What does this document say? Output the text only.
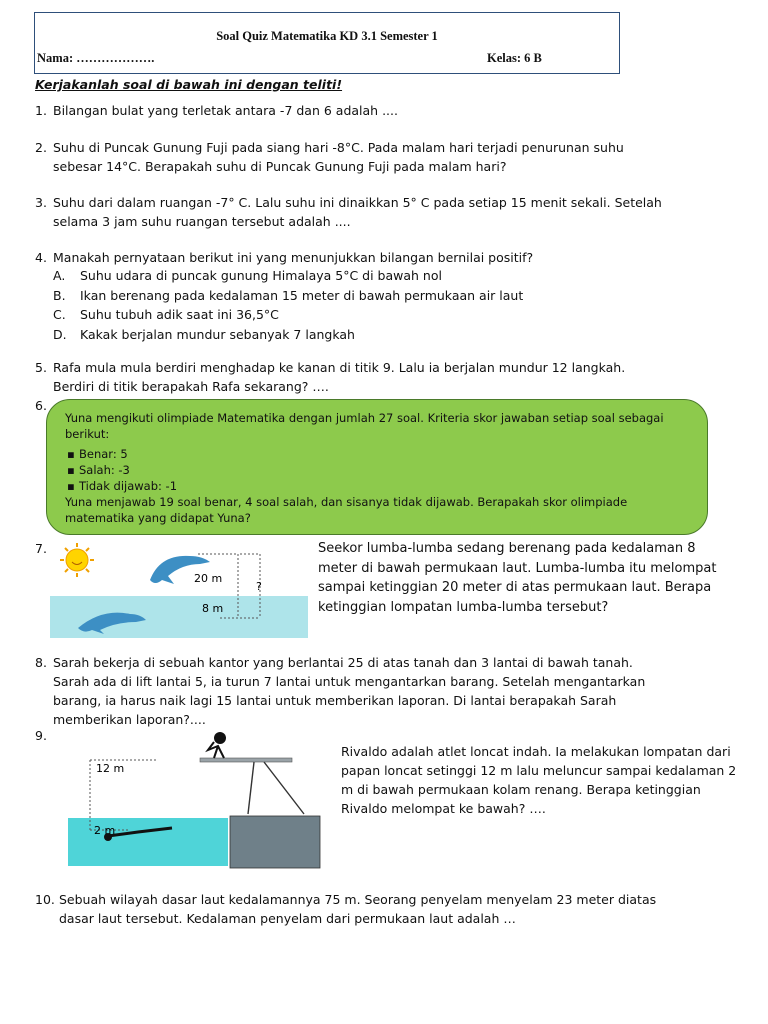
Soal Quiz Matematika KD 3.1 Semester 1
Nama: ……………….	Kelas: 6 B
Kerjakanlah soal di bawah ini dengan teliti!
1. Bilangan bulat yang terletak antara -7 dan 6 adalah ....
2. Suhu di Puncak Gunung Fuji pada siang hari -8°C. Pada malam hari terjadi penurunan suhu
sebesar 14°C. Berapakah suhu di Puncak Gunung Fuji pada malam hari?
3. Suhu dari dalam ruangan -7° C. Lalu suhu ini dinaikkan 5° C pada setiap 15 menit sekali. Setelah
selama 3 jam suhu ruangan tersebut adalah ....
4. Manakah pernyataan berikut ini yang menunjukkan bilangan bernilai positif?
A. Suhu udara di puncak gunung Himalaya 5°C di bawah nol
B. Ikan berenang pada kedalaman 15 meter di bawah permukaan air laut
C. Suhu tubuh adik saat ini 36,5°C
D. Kakak berjalan mundur sebanyak 7 langkah
5. Rafa mula mula berdiri menghadap ke kanan di titik 9. Lalu ia berjalan mundur 12 langkah.
Berdiri di titik berapakah Rafa sekarang? ….
6.
Yuna mengikuti olimpiade Matematika dengan jumlah 27 soal. Kriteria skor jawaban setiap soal sebagai berikut:
▪ Benar: 5
▪ Salah: -3
▪ Tidak dijawab: -1
Yuna menjawab 19 soal benar, 4 soal salah, dan sisanya tidak dijawab. Berapakah skor olimpiade matematika yang didapat Yuna?
7.
20 m
8 m
?
Seekor lumba-lumba sedang berenang pada kedalaman 8 meter di bawah permukaan laut. Lumba-lumba itu melompat sampai ketinggian 20 meter di atas permukaan laut. Berapa ketinggian lompatan lumba-lumba tersebut?
8. Sarah bekerja di sebuah kantor yang berlantai 25 di atas tanah dan 3 lantai di bawah tanah.
Sarah ada di lift lantai 5, ia turun 7 lantai untuk mengantarkan barang. Setelah mengantarkan
barang, ia harus naik lagi 15 lantai untuk memberikan laporan. Di lantai berapakah Sarah
memberikan laporan?....
9.
12 m
2 m
Rivaldo adalah atlet loncat indah. Ia melakukan lompatan dari papan loncat setinggi 12 m lalu meluncur sampai kedalaman 2 m di bawah permukaan kolam renang. Berapa ketinggian Rivaldo melompat ke bawah? ….
10. Sebuah wilayah dasar laut kedalamannya 75 m. Seorang penyelam menyelam 23 meter diatas
dasar laut tersebut. Kedalaman penyelam dari permukaan laut adalah …
